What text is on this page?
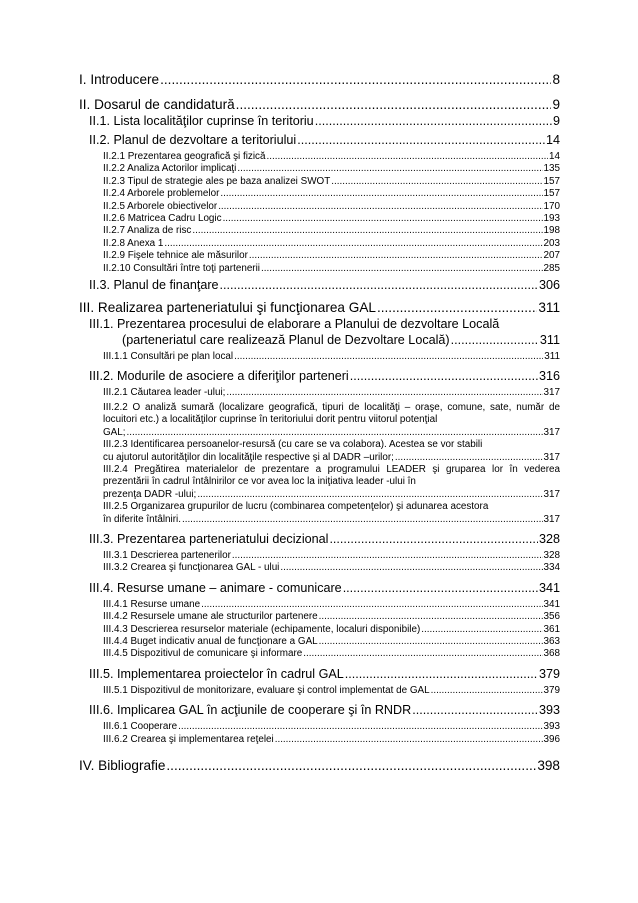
I. Introducere .....	8
II. Dosarul de candidatură .....	9
II.1. Lista localităţilor cuprinse în teritoriu .....	9
II.2. Planul de dezvoltare a teritoriului .....	14
II.2.1 Prezentarea geografică şi fizică .....	14
II.2.2 Analiza Actorilor implicaţi .....	135
II.2.3 Tipul de strategie ales pe baza analizei SWOT .....	157
II.2.4 Arborele problemelor .....	157
II.2.5 Arborele obiectivelor .....	170
II.2.6 Matricea Cadru Logic .....	193
II.2.7 Analiza de risc .....	198
II.2.8 Anexa 1 .....	203
II.2.9 Fişele tehnice ale măsurilor .....	207
II.2.10 Consultări între toţi partenerii .....	285
II.3. Planul de finanţare .....	306
III. Realizarea parteneriatului şi funcţionarea GAL .....	311
III.1. Prezentarea procesului de elaborare a Planului de dezvoltare Locală
(parteneriatul care realizează Planul de Dezvoltare Locală) .....	311
III.1.1 Consultări pe plan local .....	311
III.2. Modurile de asociere a diferiţilor parteneri .....	316
III.2.1 Căutarea leader -ului; .....	317
III.2.2 O analiză sumară (localizare geografică, tipuri de localităţi – oraşe, comune, sate, număr de locuitori etc.) a localităţilor cuprinse în teritoriului dorit pentru viitorul potenţial
GAL; .....	317
III.2.3 Identificarea persoanelor-resursă (cu care se va colabora). Acestea se vor stabili
cu ajutorul autorităţilor din localităţile respective şi al DADR –urilor; .....	317
III.2.4 Pregătirea materialelor de prezentare a programului LEADER şi gruparea lor în vederea prezentării în cadrul întâlnirilor ce vor avea loc la iniţiativa leader -ului în
prezenţa DADR -ului; .....	317
III.2.5 Organizarea grupurilor de lucru (combinarea competenţelor) şi adunarea acestora
în diferite întâlniri. .....	317
III.3. Prezentarea parteneriatului decizional .....	328
III.3.1 Descrierea partenerilor .....	328
III.3.2 Crearea şi funcţionarea GAL - ului .....	334
III.4. Resurse umane – animare - comunicare .....	341
III.4.1 Resurse umane .....	341
III.4.2 Resursele umane ale structurilor partenere .....	356
III.4.3 Descrierea resurselor materiale (echipamente, localuri disponibile) .....	361
III.4.4 Buget indicativ anual de funcţionare a GAL .....	363
III.4.5 Dispozitivul de comunicare şi informare .....	368
III.5. Implementarea proiectelor în cadrul GAL .....	379
III.5.1 Dispozitivul de monitorizare, evaluare şi control implementat de GAL .....	379
III.6. Implicarea GAL în acţiunile de cooperare şi în RNDR .....	393
III.6.1 Cooperare .....	393
III.6.2 Crearea şi implementarea reţelei .....	396
IV. Bibliografie .....	398
